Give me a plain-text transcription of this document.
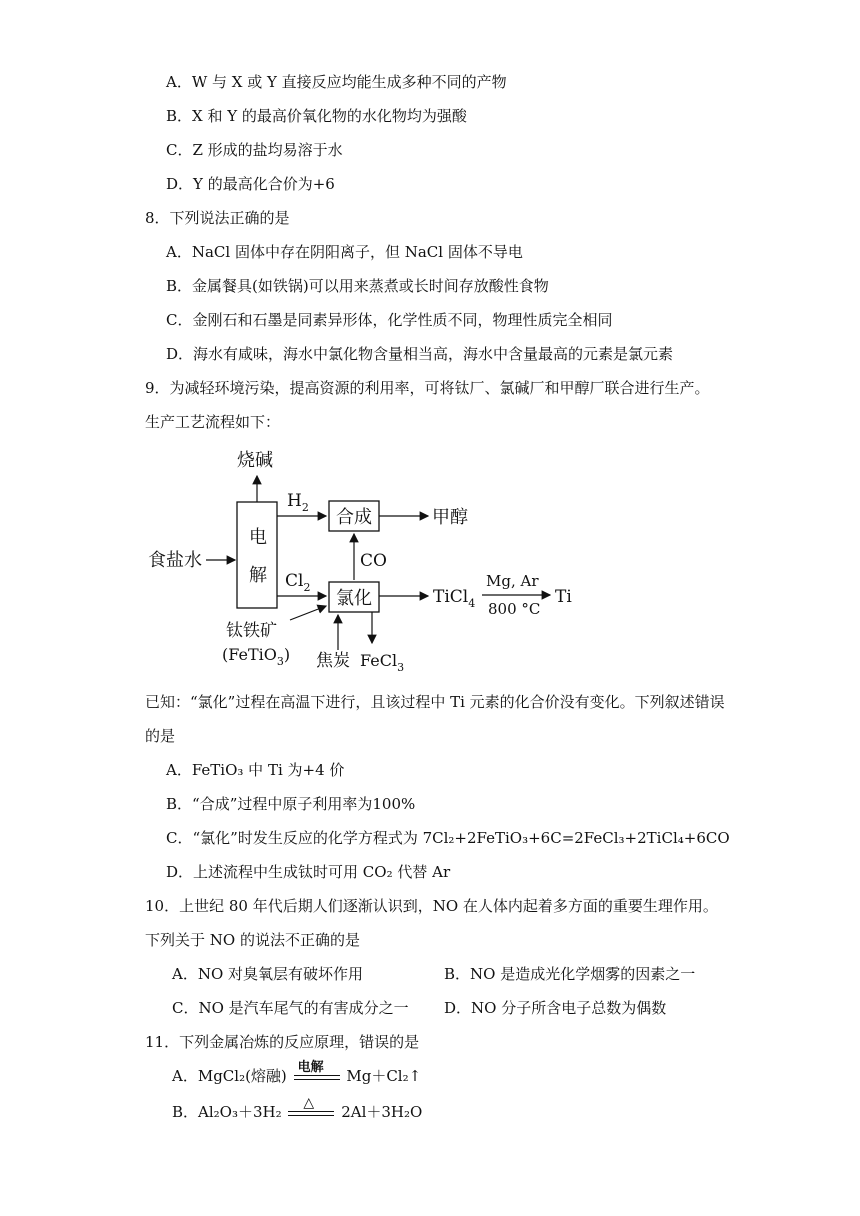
A．W 与 X 或 Y 直接反应均能生成多种不同的产物
B．X 和 Y 的最高价氧化物的水化物均为强酸
C．Z 形成的盐均易溶于水
D．Y 的最高化合价为+6
8．下列说法正确的是
A．NaCl 固体中存在阴阳离子，但 NaCl 固体不导电
B．金属餐具(如铁锅)可以用来蒸煮或长时间存放酸性食物
C．金刚石和石墨是同素异形体，化学性质不同，物理性质完全相同
D．海水有咸味，海水中氯化物含量相当高，海水中含量最高的元素是氯元素
9．为减轻环境污染，提高资源的利用率，可将钛厂、氯碱厂和甲醇厂联合进行生产。
生产工艺流程如下：
电
解
烧碱
食盐水
$H_2$ 合成	甲醇
CO
$Cl_2$
氯化	TiCl$_4$
Mg, Ar
800 °C
Ti
钛铁矿
(FeTiO$_3$) 焦炭 FeCl$_3$
已知：“氯化”过程在高温下进行，且该过程中 Ti 元素的化合价没有变化。下列叙述错误
的是
A．FeTiO₃ 中 Ti 为+4 价
B．“合成”过程中原子利用率为100%
C．“氯化”时发生反应的化学方程式为 7Cl₂+2FeTiO₃+6C=2FeCl₃+2TiCl₄+6CO
D．上述流程中生成钛时可用 CO₂ 代替 Ar
10．上世纪 80 年代后期人们逐渐认识到，NO 在人体内起着多方面的重要生理作用。
下列关于 NO 的说法不正确的是
A．NO 对臭氧层有破坏作用	B．NO 是造成光化学烟雾的因素之一
C．NO 是汽车尾气的有害成分之一 D．NO 分子所含电子总数为偶数
11．下列金属冶炼的反应原理，错误的是
A．MgCl₂(熔融) 电解 Mg＋Cl₂↑
B．Al₂O₃＋3H₂ △ 2Al＋3H₂O
